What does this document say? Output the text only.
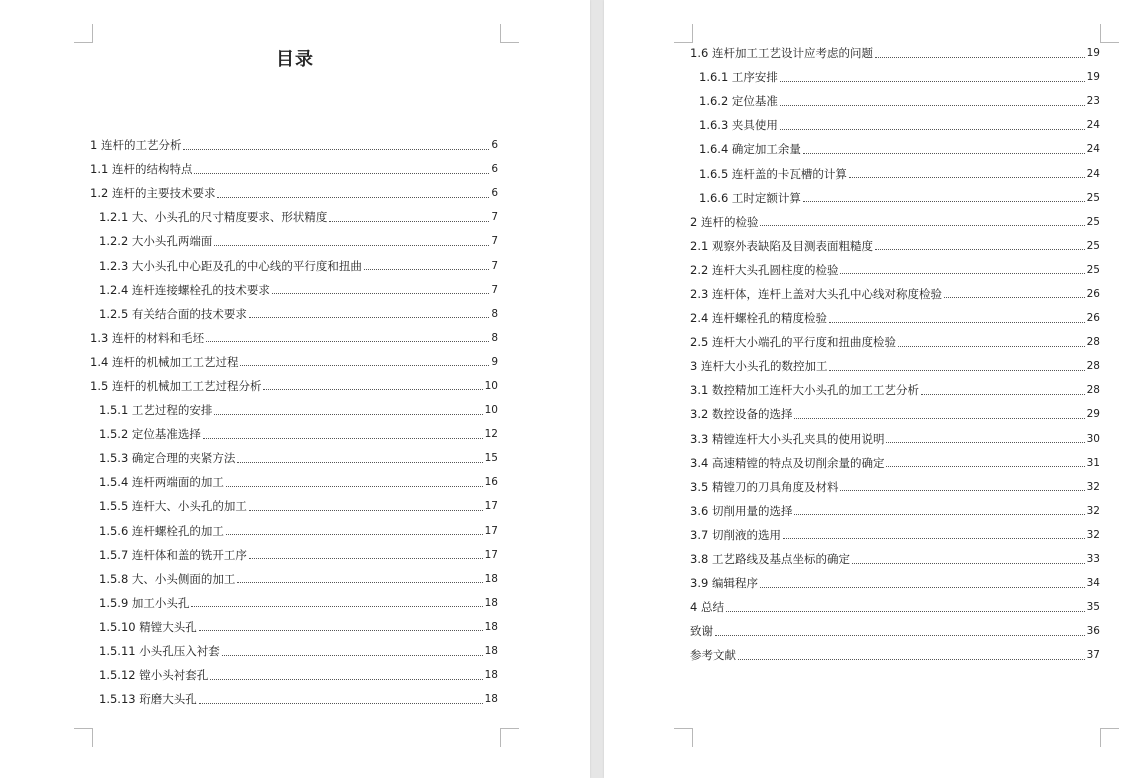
目录
1 连杆的工艺分析	6
1.1 连杆的结构特点	6
1.2 连杆的主要技术要求	6
1.2.1 大、小头孔的尺寸精度要求、形状精度	7
1.2.2 大小头孔两端面	7
1.2.3 大小头孔中心距及孔的中心线的平行度和扭曲	7
1.2.4 连杆连接螺栓孔的技术要求	7
1.2.5 有关结合面的技术要求	8
1.3 连杆的材料和毛坯	8
1.4 连杆的机械加工工艺过程	9
1.5 连杆的机械加工工艺过程分析	10
1.5.1 工艺过程的安排	10
1.5.2 定位基准选择	12
1.5.3 确定合理的夹紧方法	15
1.5.4 连杆两端面的加工	16
1.5.5 连杆大、小头孔的加工	17
1.5.6 连杆螺栓孔的加工	17
1.5.7 连杆体和盖的铣开工序	17
1.5.8 大、小头侧面的加工	18
1.5.9 加工小头孔	18
1.5.10 精镗大头孔	18
1.5.11 小头孔压入衬套	18
1.5.12 镗小头衬套孔	18
1.5.13 珩磨大头孔	18
1.6 连杆加工工艺设计应考虑的问题	19
1.6.1 工序安排	19
1.6.2 定位基准	23
1.6.3 夹具使用	24
1.6.4 确定加工余量	24
1.6.5 连杆盖的卡瓦槽的计算	24
1.6.6 工时定额计算	25
2 连杆的检验	25
2.1 观察外表缺陷及目测表面粗糙度	25
2.2 连杆大头孔圆柱度的检验	25
2.3 连杆体，连杆上盖对大头孔中心线对称度检验	26
2.4 连杆螺栓孔的精度检验	26
2.5 连杆大小端孔的平行度和扭曲度检验	28
3 连杆大小头孔的数控加工	28
3.1 数控精加工连杆大小头孔的加工工艺分析	28
3.2 数控设备的选择	29
3.3 精镗连杆大小头孔夹具的使用说明	30
3.4 高速精镗的特点及切削余量的确定	31
3.5 精镗刀的刀具角度及材料	32
3.6 切削用量的选择	32
3.7 切削液的选用	32
3.8 工艺路线及基点坐标的确定	33
3.9 编辑程序	34
4 总结	35
致谢	36
参考文献	37
